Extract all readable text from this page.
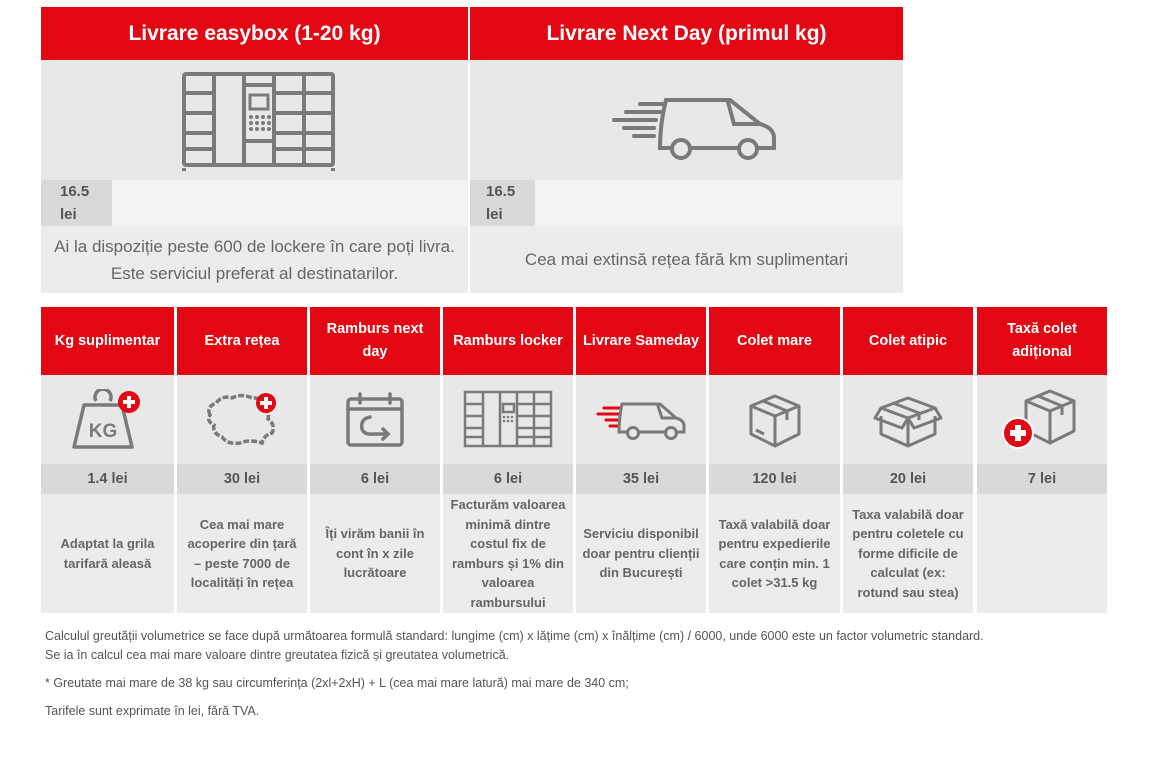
Livrare easybox (1-20 kg)
16.5 lei
Ai la dispoziție peste 600 de lockere în care poți livra. Este serviciul preferat al destinatarilor.
Livrare Next Day (primul kg)
16.5 lei
Cea mai extinsă rețea fără km suplimentari
Kg suplimentar
KG
1.4 lei
Adaptat la grila tarifară aleasă
Extra rețea
30 lei
Cea mai mare acoperire din țară – peste 7000 de localități în rețea
Ramburs next day
6 lei
Îți virăm banii în cont în x zile lucrătoare
Ramburs locker
6 lei
Facturăm valoarea minimă dintre costul fix de ramburs și 1% din valoarea rambursului
Livrare Sameday
35 lei
Serviciu disponibil doar pentru clienții din București
Colet mare
120 lei
Taxă valabilă doar pentru expedierile care conțin min. 1 colet >31.5 kg
Colet atipic
20 lei
Taxa valabilă doar pentru coletele cu forme dificile de calculat (ex: rotund sau stea)
Taxă colet adițional
7 lei
Calculul greutății volumetrice se face după următoarea formulă standard: lungime (cm) x lățime (cm) x înălțime (cm) / 6000, unde 6000 este un factor volumetric standard. Se ia în calcul cea mai mare valoare dintre greutatea fizică și greutatea volumetrică.
* Greutate mai mare de 38 kg sau circumferința (2xl+2xH) + L (cea mai mare latură) mai mare de 340 cm;
Tarifele sunt exprimate în lei, fără TVA.
